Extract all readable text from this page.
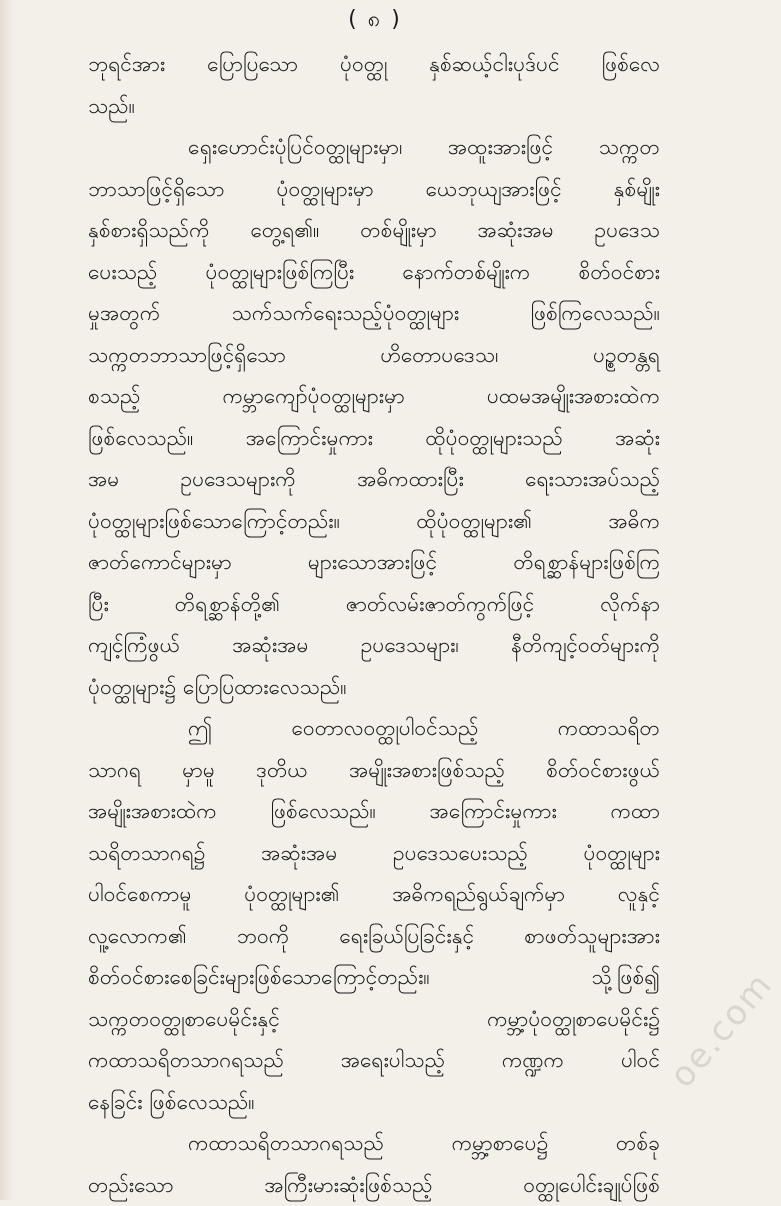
( ၈ )
ဘုရင်အား ပြောပြသော ပုံဝတ္ထု နှစ်ဆယ့်ငါးပုဒ်ပင် ဖြစ်လေ
သည်။
ရှေးဟောင်းပုံပြင်ဝတ္ထုများမှာ၊ အထူးအားဖြင့် သက္ကတ
ဘာသာဖြင့်ရှိသော ပုံဝတ္ထုများမှာ ယေဘုယျအားဖြင့် နှစ်မျိုး
နှစ်စားရှိသည်ကို တွေ့ရ၏။ တစ်မျိုးမှာ အဆုံးအမ ဥပဒေသ
ပေးသည့် ပုံဝတ္ထုများဖြစ်ကြပြီး နောက်တစ်မျိုးက စိတ်ဝင်စား
မှုအတွက် သက်သက်ရေးသည့်ပုံဝတ္ထုများ ဖြစ်ကြလေသည်။
သက္ကတဘာသာဖြင့်ရှိသော ဟိတောပဒေသ၊ ပဥ္စတန္တရ
စသည့် ကမ္ဘာကျော်ပုံဝတ္ထုများမှာ ပထမအမျိုးအစားထဲက
ဖြစ်လေသည်။ အကြောင်းမှုကား ထိုပုံဝတ္ထုများသည် အဆုံး
အမ ဥပဒေသများကို အဓိကထားပြီး ရေးသားအပ်သည့်
ပုံဝတ္ထုများဖြစ်သောကြောင့်တည်း။ ထိုပုံဝတ္ထုများ၏ အဓိက
ဇာတ်ကောင်များမှာ များသောအားဖြင့် တိရစ္ဆာန်များဖြစ်ကြ
ပြီး တိရစ္ဆာန်တို့၏ ဇာတ်လမ်းဇာတ်ကွက်ဖြင့် လိုက်နာ
ကျင့်ကြံဖွယ် အဆုံးအမ ဥပဒေသများ၊ နီတိကျင့်ဝတ်များကို
ပုံဝတ္ထုများ၌ ပြောပြထားလေသည်။
ဤ ဝေတာလဝတ္ထုပါဝင်သည့် ကထာသရိတ
သာဂရ မှာမူ ဒုတိယ အမျိုးအစားဖြစ်သည့် စိတ်ဝင်စားဖွယ်
အမျိုးအစားထဲက ဖြစ်လေသည်။ အကြောင်းမှုကား ကထာ
သရိတသာဂရ၌ အဆုံးအမ ဥပဒေသပေးသည့် ပုံဝတ္ထုများ
ပါဝင်စေကာမူ ပုံဝတ္ထုများ၏ အဓိကရည်ရွယ်ချက်မှာ လူနှင့်
လူ့လောက၏ ဘဝကို ရေးခြယ်ပြခြင်းနှင့် စာဖတ်သူများအား
စိတ်ဝင်စားစေခြင်းများဖြစ်သောကြောင့်တည်း။ သို့ဖြစ်၍
သက္ကတဝတ္ထုစာပေမိုင်းနှင့် ကမ္ဘာ့ပုံဝတ္ထုစာပေမိုင်း၌
ကထာသရိတသာဂရသည် အရေးပါသည့် ကဏ္ဍက ပါဝင်
နေခြင်း ဖြစ်လေသည်။
ကထာသရိတသာဂရသည် ကမ္ဘာ့စာပေ၌ တစ်ခု
တည်းသော အကြီးမားဆုံးဖြစ်သည့် ဝတ္ထုပေါင်းချုပ်ဖြစ်
oe.com
